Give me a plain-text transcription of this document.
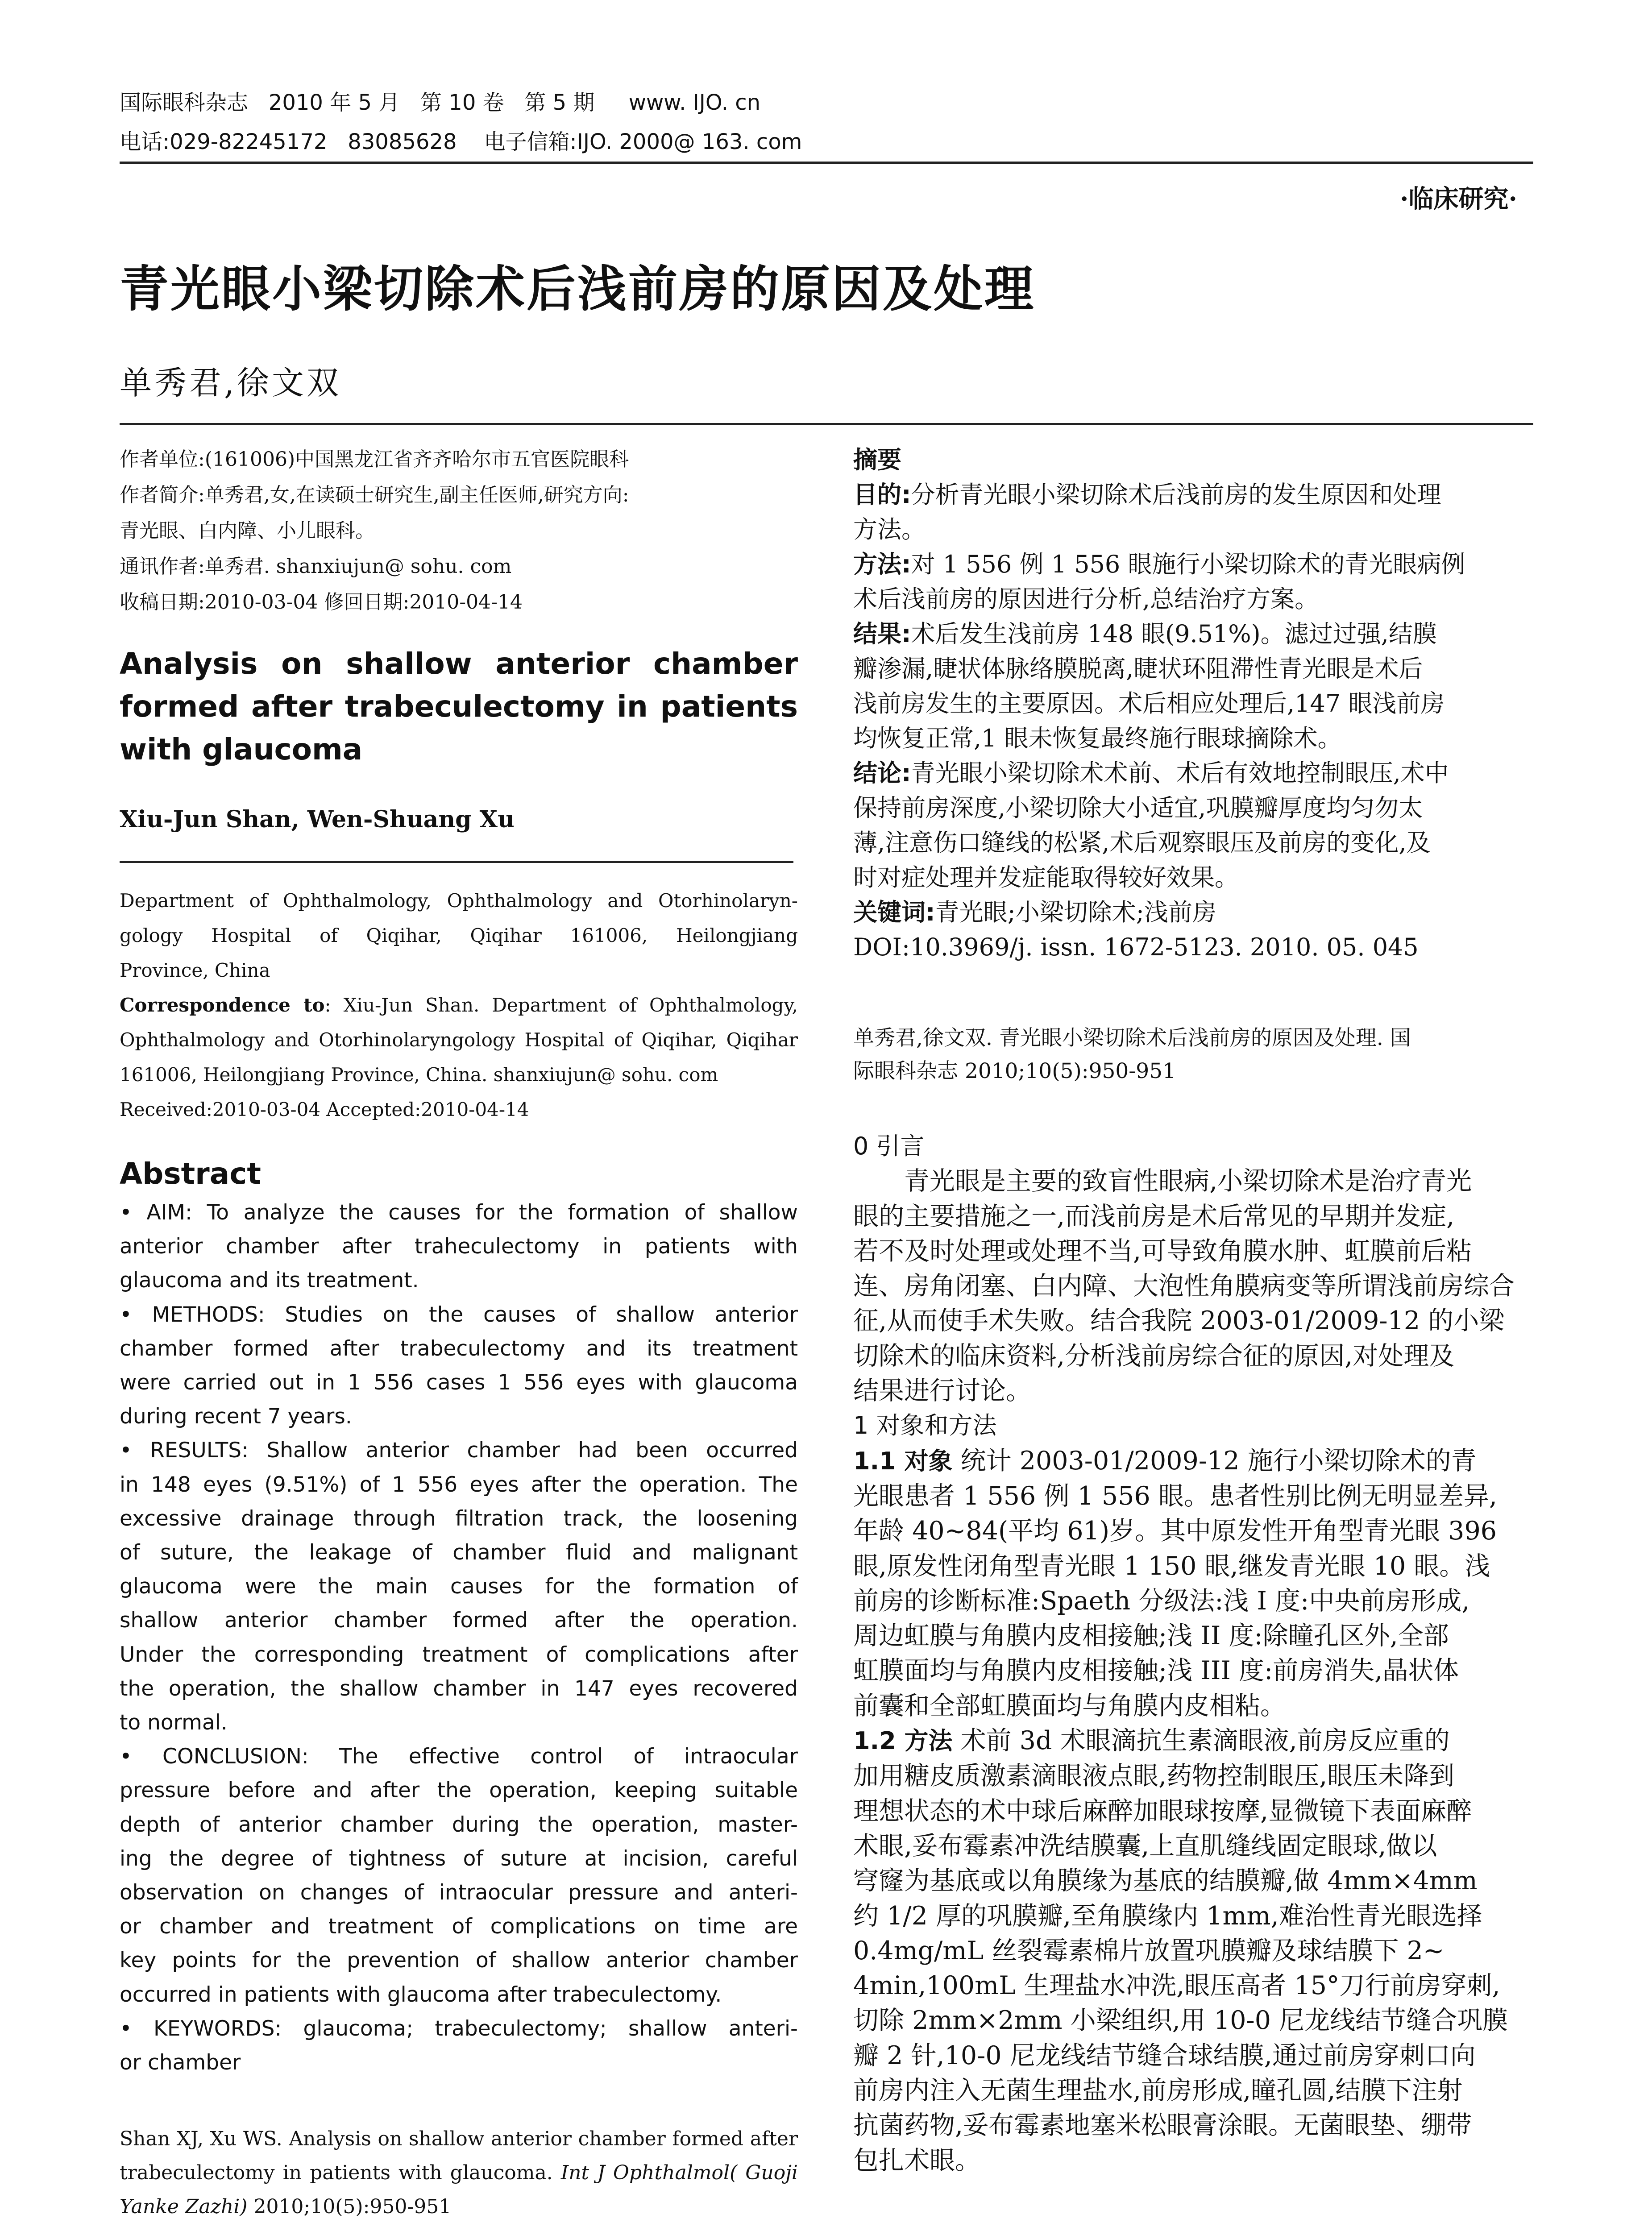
国际眼科杂志   2010 年 5 月   第 10 卷   第 5 期     www. IJO. cn
电话:029-82245172   83085628    电子信箱:IJO. 2000@ 163. com
·临床研究·
青光眼小梁切除术后浅前房的原因及处理
单秀君,徐文双
作者单位:(161006)中国黑龙江省齐齐哈尔市五官医院眼科
作者简介:单秀君,女,在读硕士研究生,副主任医师,研究方向:
青光眼、白内障、小儿眼科。
通讯作者:单秀君. shanxiujun@ sohu. com
收稿日期:2010-03-04 修回日期:2010-04-14
Analysis on shallow anterior chamber
formed after trabeculectomy in patients
with glaucoma
Xiu-Jun Shan, Wen-Shuang Xu
Department of Ophthalmology, Ophthalmology and Otorhinolaryn-
gology Hospital of Qiqihar, Qiqihar 161006, Heilongjiang
Province, China
Correspondence to: Xiu-Jun Shan. Department of Ophthalmology,
Ophthalmology and Otorhinolaryngology Hospital of Qiqihar, Qiqihar
161006, Heilongjiang Province, China. shanxiujun@ sohu. com
Received:2010-03-04 Accepted:2010-04-14
Abstract
• AIM: To analyze the causes for the formation of shallow
anterior chamber after traheculectomy in patients with
glaucoma and its treatment.
• METHODS: Studies on the causes of shallow anterior
chamber formed after trabeculectomy and its treatment
were carried out in 1 556 cases 1 556 eyes with glaucoma
during recent 7 years.
• RESULTS: Shallow anterior chamber had been occurred
in 148 eyes (9.51%) of 1 556 eyes after the operation. The
excessive drainage through filtration track, the loosening
of suture, the leakage of chamber fluid and malignant
glaucoma were the main causes for the formation of
shallow anterior chamber formed after the operation.
Under the corresponding treatment of complications after
the operation, the shallow chamber in 147 eyes recovered
to normal.
• CONCLUSION: The effective control of intraocular
pressure before and after the operation, keeping suitable
depth of anterior chamber during the operation, master-
ing the degree of tightness of suture at incision, careful
observation on changes of intraocular pressure and anteri-
or chamber and treatment of complications on time are
key points for the prevention of shallow anterior chamber
occurred in patients with glaucoma after trabeculectomy.
• KEYWORDS: glaucoma; trabeculectomy; shallow anteri-
or chamber
Shan XJ, Xu WS. Analysis on shallow anterior chamber formed after
trabeculectomy in patients with glaucoma. Int J Ophthalmol( Guoji
Yanke Zazhi) 2010;10(5):950-951
摘要
目的:分析青光眼小梁切除术后浅前房的发生原因和处理
方法。
方法:对 1 556 例 1 556 眼施行小梁切除术的青光眼病例
术后浅前房的原因进行分析,总结治疗方案。
结果:术后发生浅前房 148 眼(9.51%)。滤过过强,结膜
瓣渗漏,睫状体脉络膜脱离,睫状环阻滞性青光眼是术后
浅前房发生的主要原因。术后相应处理后,147 眼浅前房
均恢复正常,1 眼未恢复最终施行眼球摘除术。
结论:青光眼小梁切除术术前、术后有效地控制眼压,术中
保持前房深度,小梁切除大小适宜,巩膜瓣厚度均匀勿太
薄,注意伤口缝线的松紧,术后观察眼压及前房的变化,及
时对症处理并发症能取得较好效果。
关键词:青光眼;小梁切除术;浅前房
DOI:10.3969/j. issn. 1672-5123. 2010. 05. 045
单秀君,徐文双. 青光眼小梁切除术后浅前房的原因及处理. 国
际眼科杂志 2010;10(5):950-951
0 引言
青光眼是主要的致盲性眼病,小梁切除术是治疗青光
眼的主要措施之一,而浅前房是术后常见的早期并发症,
若不及时处理或处理不当,可导致角膜水肿、虹膜前后粘
连、房角闭塞、白内障、大泡性角膜病变等所谓浅前房综合
征,从而使手术失败。结合我院 2003-01/2009-12 的小梁
切除术的临床资料,分析浅前房综合征的原因,对处理及
结果进行讨论。
1 对象和方法
1.1 对象 统计 2003-01/2009-12 施行小梁切除术的青
光眼患者 1 556 例 1 556 眼。患者性别比例无明显差异,
年龄 40~84(平均 61)岁。其中原发性开角型青光眼 396
眼,原发性闭角型青光眼 1 150 眼,继发青光眼 10 眼。浅
前房的诊断标准:Spaeth 分级法:浅 I 度:中央前房形成,
周边虹膜与角膜内皮相接触;浅 II 度:除瞳孔区外,全部
虹膜面均与角膜内皮相接触;浅 III 度:前房消失,晶状体
前囊和全部虹膜面均与角膜内皮相粘。
1.2 方法 术前 3d 术眼滴抗生素滴眼液,前房反应重的
加用糖皮质激素滴眼液点眼,药物控制眼压,眼压未降到
理想状态的术中球后麻醉加眼球按摩,显微镜下表面麻醉
术眼,妥布霉素冲洗结膜囊,上直肌缝线固定眼球,做以
穹窿为基底或以角膜缘为基底的结膜瓣,做 4mm×4mm
约 1/2 厚的巩膜瓣,至角膜缘内 1mm,难治性青光眼选择
0.4mg/mL 丝裂霉素棉片放置巩膜瓣及球结膜下 2~
4min,100mL 生理盐水冲洗,眼压高者 15°刀行前房穿刺,
切除 2mm×2mm 小梁组织,用 10-0 尼龙线结节缝合巩膜
瓣 2 针,10-0 尼龙线结节缝合球结膜,通过前房穿刺口向
前房内注入无菌生理盐水,前房形成,瞳孔圆,结膜下注射
抗菌药物,妥布霉素地塞米松眼膏涂眼。无菌眼垫、绷带
包扎术眼。
